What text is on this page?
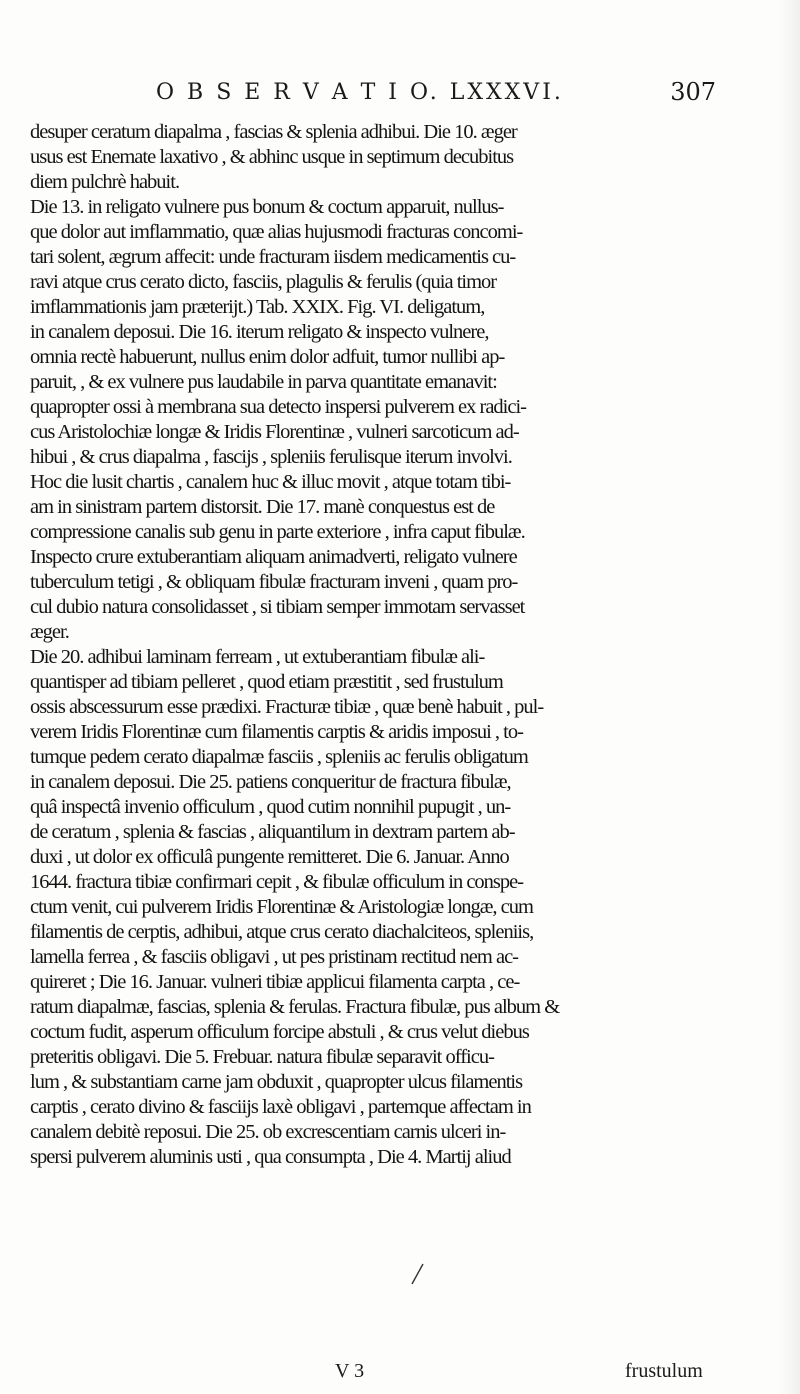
O B S E R V A T I O. LXXXVI.	307
desuper ceratum diapalma , fascias & splenia adhibui. Die 10. æger
usus est Enemate laxativo , & abhinc usque in septimum decubitus
diem pulchrè habuit.
Die 13. in religato vulnere pus bonum & coctum apparuit, nullus-
que dolor aut imflammatio, quæ alias hujusmodi fracturas concomi-
tari solent, ægrum affecit: unde fracturam iisdem medicamentis cu-
ravi atque crus cerato dicto, fasciis, plagulis & ferulis (quia timor
imflammationis jam præterijt.) Tab. XXIX. Fig. VI. deligatum,
in canalem deposui. Die 16. iterum religato & inspecto vulnere,
omnia rectè habuerunt, nullus enim dolor adfuit, tumor nullibi ap-
paruit, , & ex vulnere pus laudabile in parva quantitate emanavit:
quapropter ossi à membrana sua detecto inspersi pulverem ex radici-
cus Aristolochiæ longæ & Iridis Florentinæ , vulneri sarcoticum ad-
hibui , & crus diapalma , fascijs , spleniis ferulisque iterum involvi.
Hoc die lusit chartis , canalem huc & illuc movit , atque totam tibi-
am in sinistram partem distorsit. Die 17. manè conquestus est de
compressione canalis sub genu in parte exteriore , infra caput fibulæ.
Inspecto crure extuberantiam aliquam animadverti, religato vulnere
tuberculum tetigi , & obliquam fibulæ fracturam inveni , quam pro-
cul dubio natura consolidasset , si tibiam semper immotam servasset
æger.
Die 20. adhibui laminam ferream , ut extuberantiam fibulæ ali-
quantisper ad tibiam pelleret , quod etiam præstitit , sed frustulum
ossis abscessurum esse prædixi. Fracturæ tibiæ , quæ benè habuit , pul-
verem Iridis Florentinæ cum filamentis carptis & aridis imposui , to-
tumque pedem cerato diapalmæ fasciis , spleniis ac ferulis obligatum
in canalem deposui. Die 25. patiens conqueritur de fractura fibulæ,
quâ inspectâ invenio officulum , quod cutim nonnihil pupugit , un-
de ceratum , splenia & fascias , aliquantilum in dextram partem ab-
duxi , ut dolor ex officulâ pungente remitteret. Die 6. Januar. Anno
1644. fractura tibiæ confirmari cepit , & fibulæ officulum in conspe-
ctum venit, cui pulverem Iridis Florentinæ & Aristologiæ longæ, cum
filamentis de cerptis, adhibui, atque crus cerato diachalciteos, spleniis,
lamella ferrea , & fasciis obligavi , ut pes pristinam rectitud nem ac-
quireret ; Die 16. Januar. vulneri tibiæ applicui filamenta carpta , ce-
ratum diapalmæ, fascias, splenia & ferulas. Fractura fibulæ, pus album &
coctum fudit, asperum officulum forcipe abstuli , & crus velut diebus
preteritis obligavi. Die 5. Frebuar. natura fibulæ separavit officu-
lum , & substantiam carne jam obduxit , quapropter ulcus filamentis
carptis , cerato divino & fasciijs laxè obligavi , partemque affectam in
canalem debitè reposui. Die 25. ob excrescentiam carnis ulceri in-
spersi pulverem aluminis usti , qua consumpta , Die 4. Martij aliud
V 3	frustulum
